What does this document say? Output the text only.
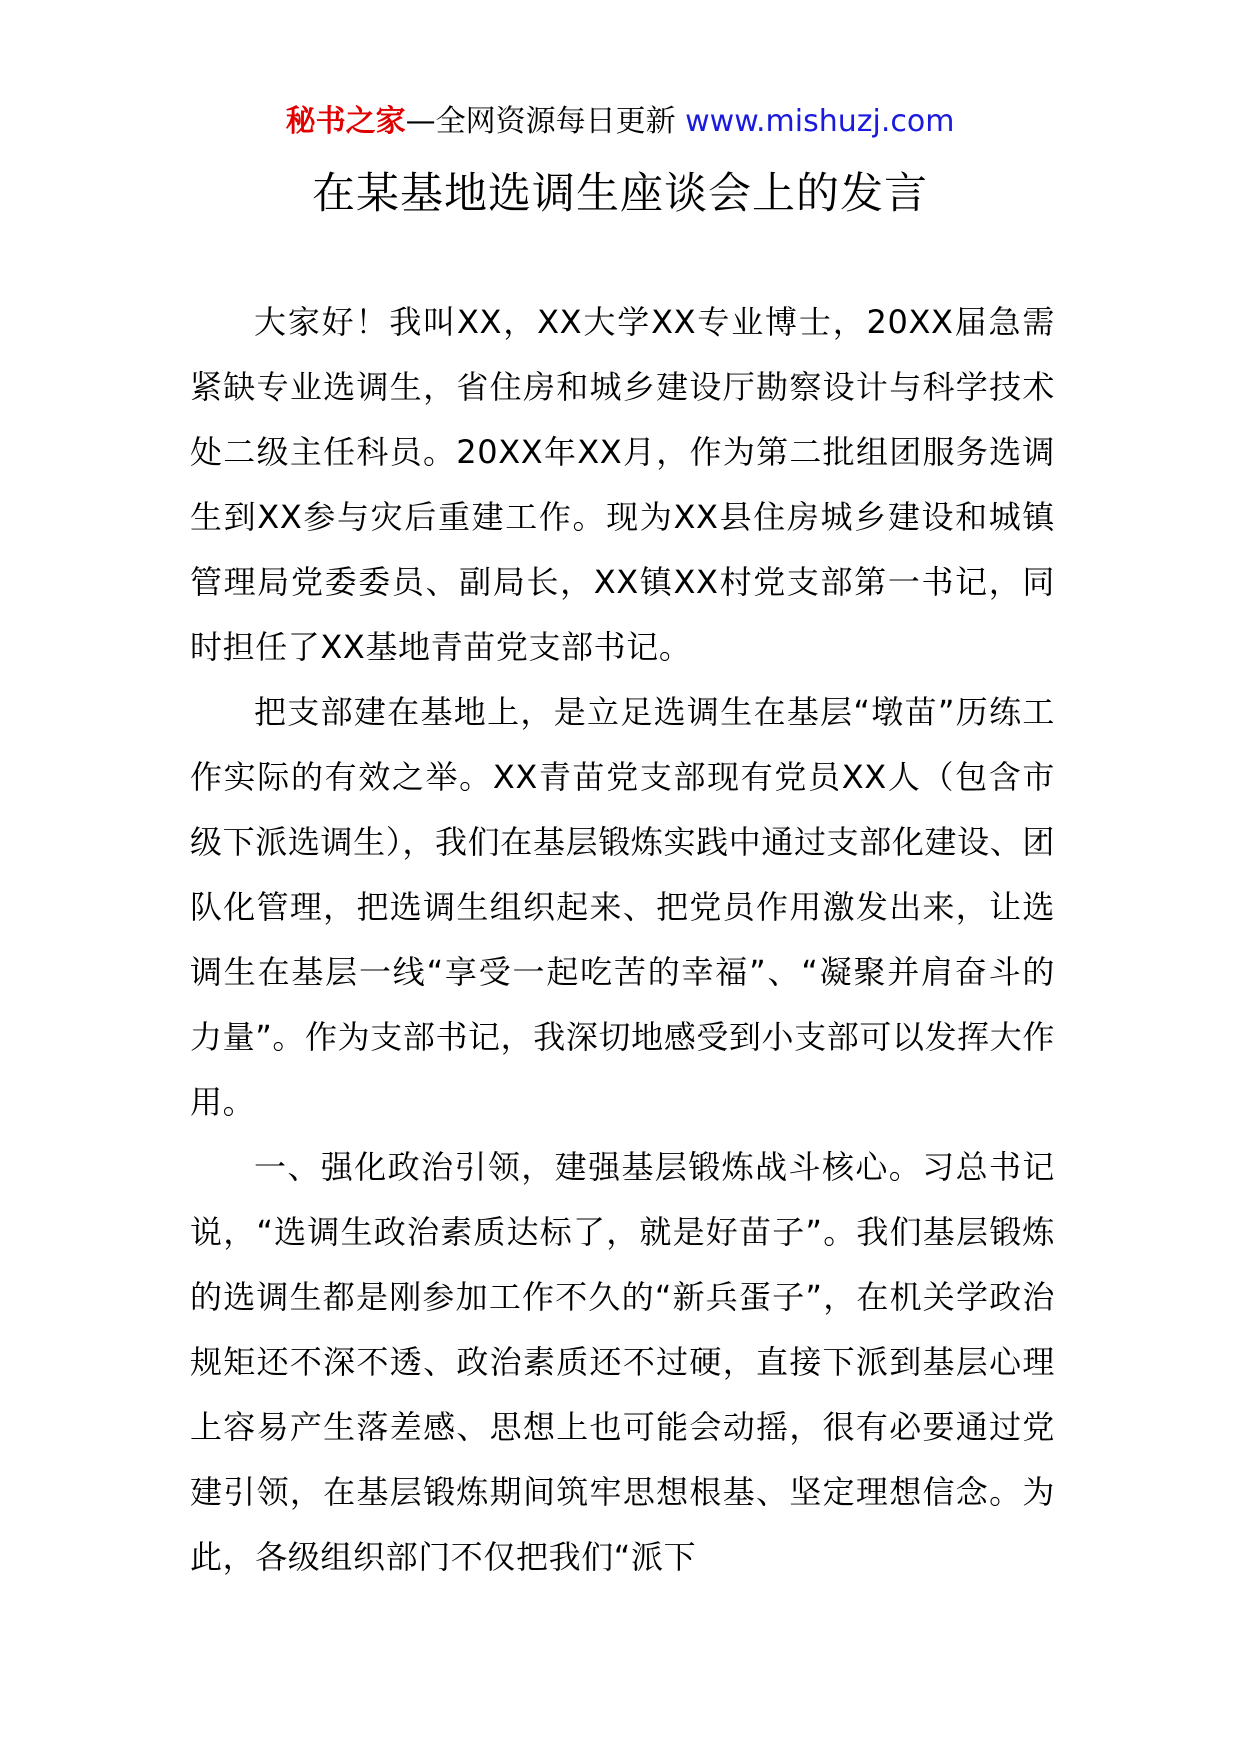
秘书之家—全网资源每日更新 www.mishuzj.com
在某基地选调生座谈会上的发言

大家好！我叫XX，XX大学XX专业博士，20XX届急需紧缺专业选调生，省住房和城乡建设厅勘察设计与科学技术处二级主任科员。20XX年XX月，作为第二批组团服务选调生到XX参与灾后重建工作。现为XX县住房城乡建设和城镇管理局党委委员、副局长，XX镇XX村党支部第一书记，同时担任了XX基地青苗党支部书记。

把支部建在基地上，是立足选调生在基层“墩苗”历练工作实际的有效之举。XX青苗党支部现有党员XX人（包含市级下派选调生），我们在基层锻炼实践中通过支部化建设、团队化管理，把选调生组织起来、把党员作用激发出来，让选调生在基层一线“享受一起吃苦的幸福”、“凝聚并肩奋斗的力量”。作为支部书记，我深切地感受到小支部可以发挥大作用。

一、强化政治引领，建强基层锻炼战斗核心。习总书记说，“选调生政治素质达标了，就是好苗子”。我们基层锻炼的选调生都是刚参加工作不久的“新兵蛋子”，在机关学政治规矩还不深不透、政治素质还不过硬，直接下派到基层心理上容易产生落差感、思想上也可能会动摇，很有必要通过党建引领，在基层锻炼期间筑牢思想根基、坚定理想信念。为此，各级组织部门不仅把我们“派下
